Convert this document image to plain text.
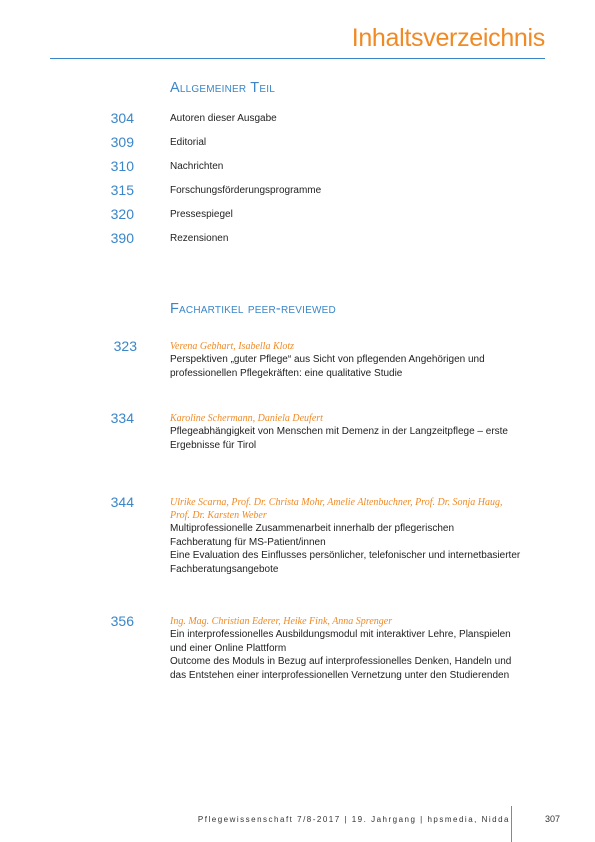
Inhaltsverzeichnis
Allgemeiner Teil
304	Autoren dieser Ausgabe
309	Editorial
310	Nachrichten
315	Forschungsförderungsprogramme
320	Pressespiegel
390	Rezensionen
Fachartikel peer-reviewed
323	Verena Gebhart, Isabella Klotz
Perspektiven „guter Pflege“ aus Sicht von pflegenden Angehörigen und
professionellen Pflegekräften: eine qualitative Studie
334	Karoline Schermann, Daniela Deufert
Pflegeabhängigkeit von Menschen mit Demenz in der Langzeitpflege – erste
Ergebnisse für Tirol
344	Ulrike Scarna, Prof. Dr. Christa Mohr, Amelie Altenbuchner, Prof. Dr. Sonja Haug,
Prof. Dr. Karsten Weber
Multiprofessionelle Zusammenarbeit innerhalb der pflegerischen
Fachberatung für MS-Patient/innen
Eine Evaluation des Einflusses persönlicher, telefonischer und internetbasierter
Fachberatungsangebote
356	Ing. Mag. Christian Ederer, Heike Fink, Anna Sprenger
Ein interprofessionelles Ausbildungsmodul mit interaktiver Lehre, Planspielen
und einer Online Plattform
Outcome des Moduls in Bezug auf interprofessionelles Denken, Handeln und
das Entstehen einer interprofessionellen Vernetzung unter den Studierenden
Pflegewissenschaft 7/8-2017 | 19. Jahrgang | hpsmedia, Nidda	307
